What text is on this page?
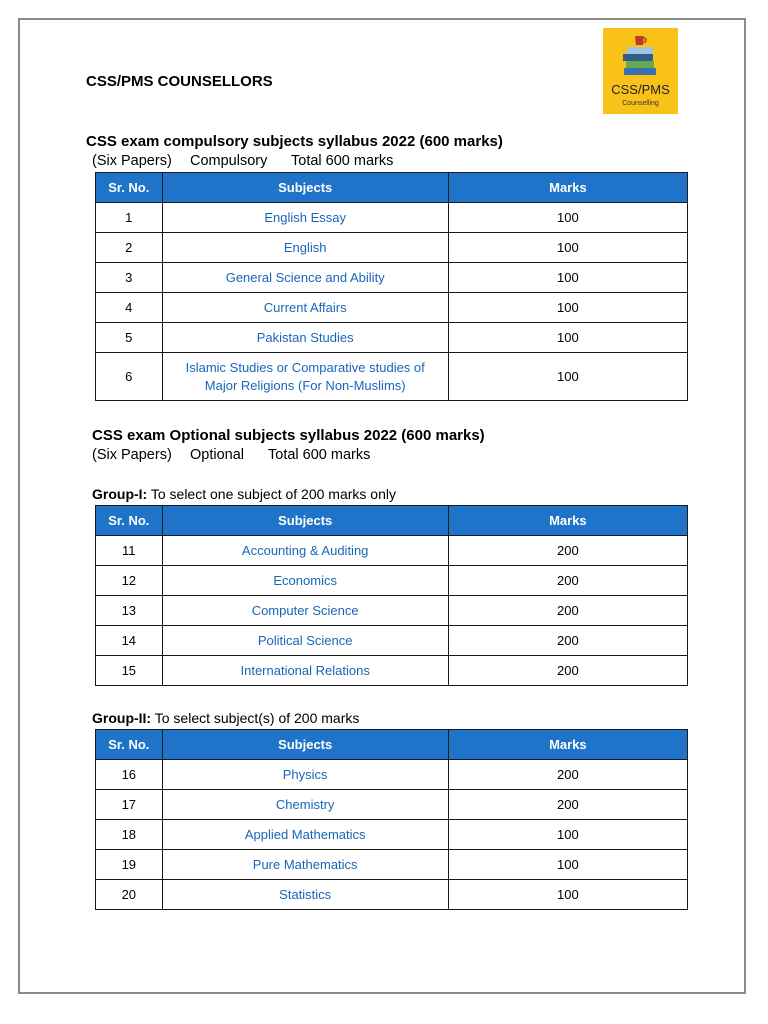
CSS/PMS COUNSELLORS	CSS/PMS
Counselling
CSS exam compulsory subjects syllabus 2022 (600 marks)
(Six Papers) Compulsory Total 600 marks
Sr. No.	Subjects	Marks
1	English Essay	100
2	English	100
3	General Science and Ability	100
4	Current Affairs	100
5	Pakistan Studies	100
6	Islamic Studies or Comparative studies of Major Religions (For Non-Muslims)	100
CSS exam Optional subjects syllabus 2022 (600 marks)
(Six Papers) Optional Total 600 marks
Group-I: To select one subject of 200 marks only
Sr. No.	Subjects	Marks
11	Accounting & Auditing	200
12	Economics	200
13	Computer Science	200
14	Political Science	200
15	International Relations	200
Group-II: To select subject(s) of 200 marks
Sr. No.	Subjects	Marks
16	Physics	200
17	Chemistry	200
18	Applied Mathematics	100
19	Pure Mathematics	100
20	Statistics	100
